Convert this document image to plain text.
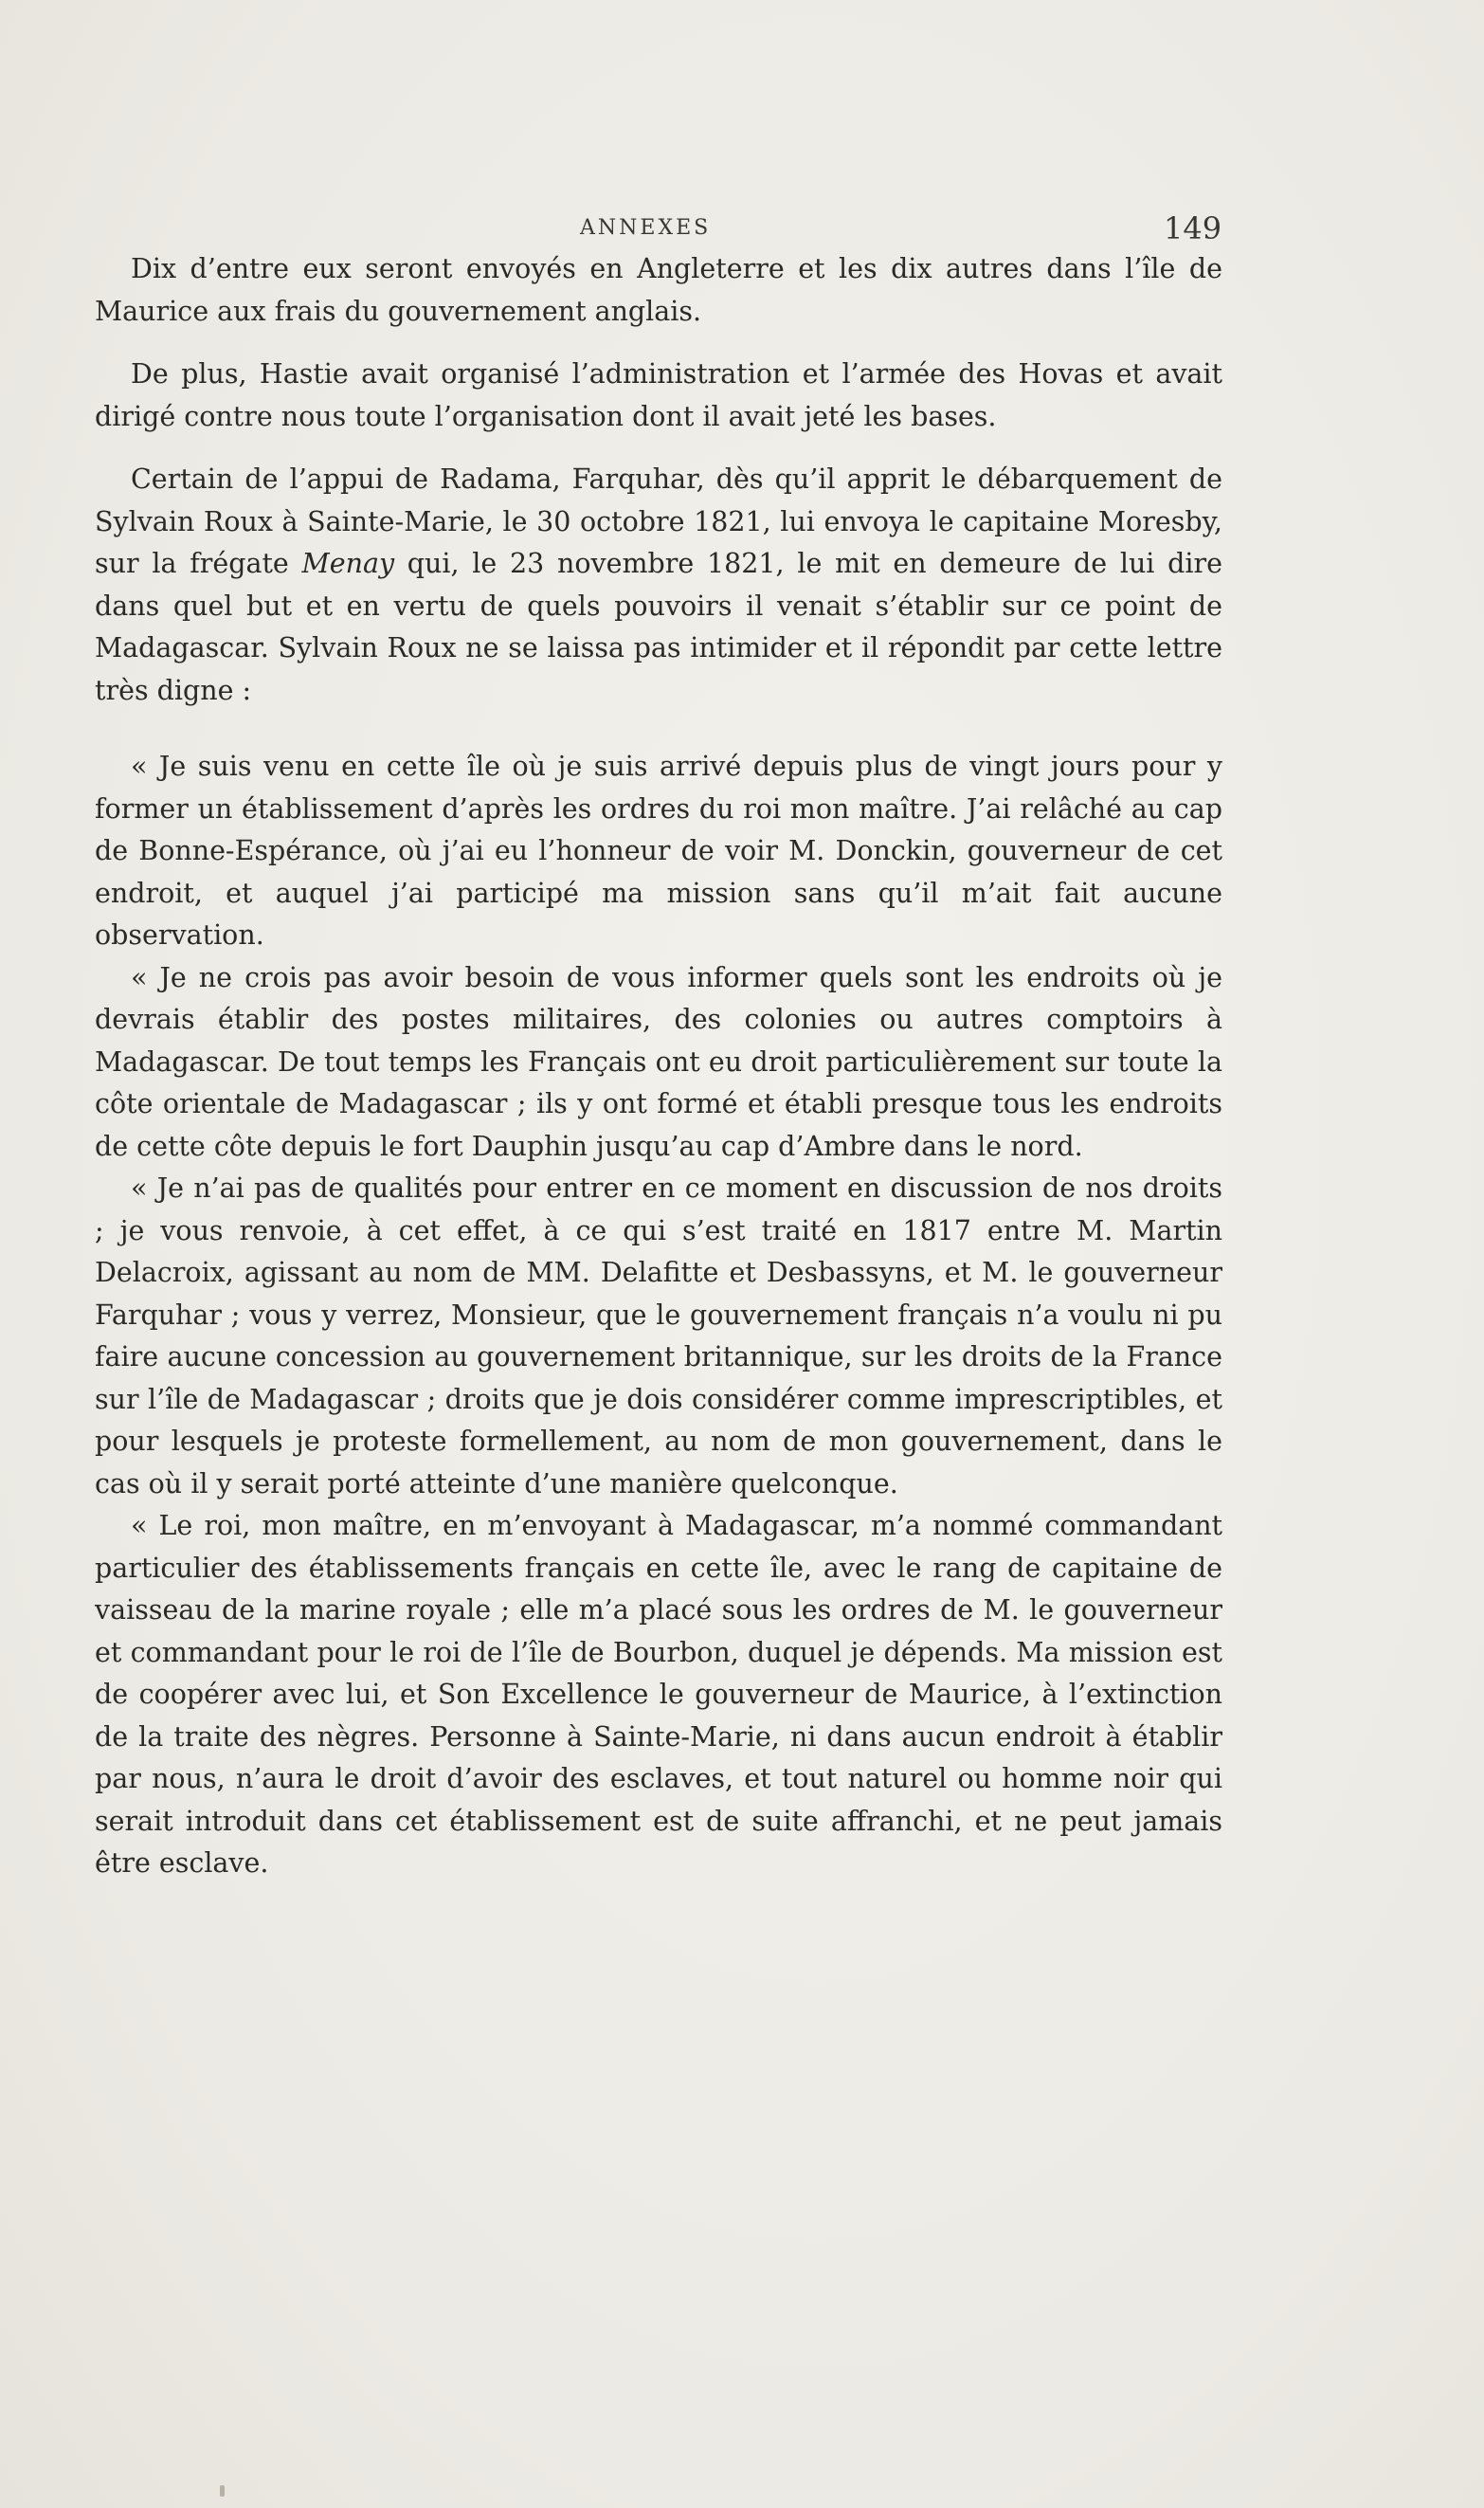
ANNEXES	149

Dix d’entre eux seront envoyés en Angleterre et les dix autres dans l’île de Maurice aux frais du gouvernement anglais.

De plus, Hastie avait organisé l’administration et l’armée des Hovas et avait dirigé contre nous toute l’organisation dont il avait jeté les bases.

Certain de l’appui de Radama, Farquhar, dès qu’il apprit le débarquement de Sylvain Roux à Sainte-Marie, le 30 octobre 1821, lui envoya le capitaine Moresby, sur la frégate Menay qui, le 23 novembre 1821, le mit en demeure de lui dire dans quel but et en vertu de quels pouvoirs il venait s’établir sur ce point de Madagascar. Sylvain Roux ne se laissa pas intimider et il répondit par cette lettre très digne :

« Je suis venu en cette île où je suis arrivé depuis plus de vingt jours pour y former un établissement d’après les ordres du roi mon maître. J’ai relâché au cap de Bonne-Espérance, où j’ai eu l’honneur de voir M. Donckin, gouverneur de cet endroit, et auquel j’ai participé ma mission sans qu’il m’ait fait aucune observation.

« Je ne crois pas avoir besoin de vous informer quels sont les endroits où je devrais établir des postes militaires, des colonies ou autres comptoirs à Madagascar. De tout temps les Français ont eu droit particulièrement sur toute la côte orientale de Madagascar ; ils y ont formé et établi presque tous les endroits de cette côte depuis le fort Dauphin jusqu’au cap d’Ambre dans le nord.

« Je n’ai pas de qualités pour entrer en ce moment en discussion de nos droits ; je vous renvoie, à cet effet, à ce qui s’est traité en 1817 entre M. Martin Delacroix, agissant au nom de MM. Delafitte et Desbassyns, et M. le gouverneur Farquhar ; vous y verrez, Monsieur, que le gouvernement français n’a voulu ni pu faire aucune concession au gouvernement britannique, sur les droits de la France sur l’île de Madagascar ; droits que je dois considérer comme imprescriptibles, et pour lesquels je proteste formellement, au nom de mon gouvernement, dans le cas où il y serait porté atteinte d’une manière quelconque.

« Le roi, mon maître, en m’envoyant à Madagascar, m’a nommé commandant particulier des établissements français en cette île, avec le rang de capitaine de vaisseau de la marine royale ; elle m’a placé sous les ordres de M. le gouverneur et commandant pour le roi de l’île de Bourbon, duquel je dépends. Ma mission est de coopérer avec lui, et Son Excellence le gouverneur de Maurice, à l’extinction de la traite des nègres. Personne à Sainte-Marie, ni dans aucun endroit à établir par nous, n’aura le droit d’avoir des esclaves, et tout naturel ou homme noir qui serait introduit dans cet établissement est de suite affranchi, et ne peut jamais être esclave.
